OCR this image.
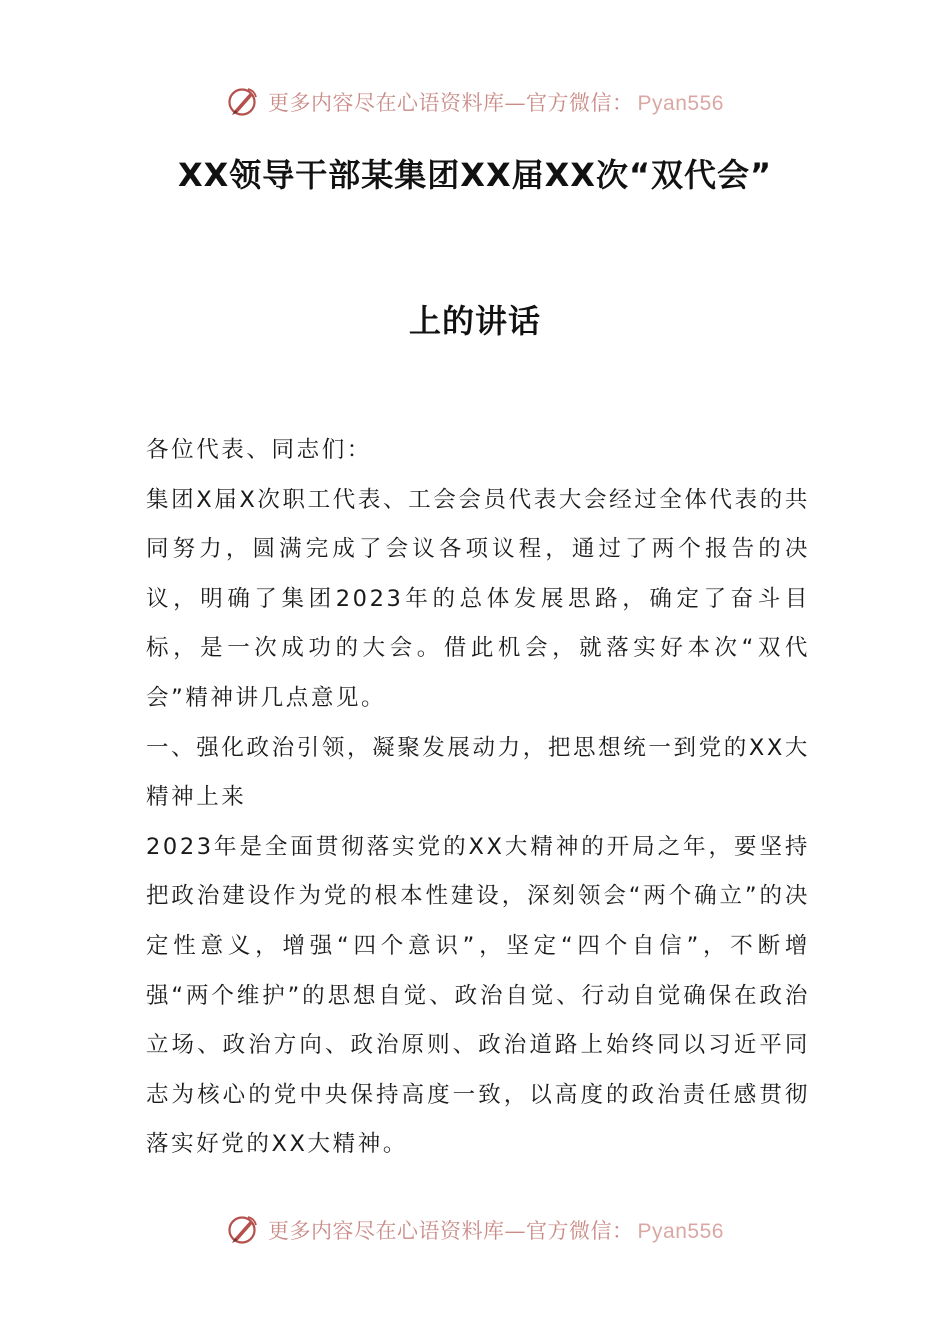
更多内容尽在心语资料库—官方微信： Pyan556
XX领导干部某集团XX届XX次“双代会”
上的讲话

各位代表、同志们：

集团X届X次职工代表、工会会员代表大会经过全体代表的共同努力，圆满完成了会议各项议程，通过了两个报告的决议，明确了集团2023年的总体发展思路，确定了奋斗目标，是一次成功的大会。借此机会，就落实好本次“双代会”精神讲几点意见。

一、强化政治引领，凝聚发展动力，把思想统一到党的XX大精神上来

2023年是全面贯彻落实党的XX大精神的开局之年，要坚持把政治建设作为党的根本性建设，深刻领会“两个确立”的决定性意义，增强“四个意识”，坚定“四个自信”，不断增强“两个维护”的思想自觉、政治自觉、行动自觉确保在政治立场、政治方向、政治原则、政治道路上始终同以习近平同志为核心的党中央保持高度一致，以高度的政治责任感贯彻落实好党的XX大精神。

更多内容尽在心语资料库—官方微信： Pyan556
